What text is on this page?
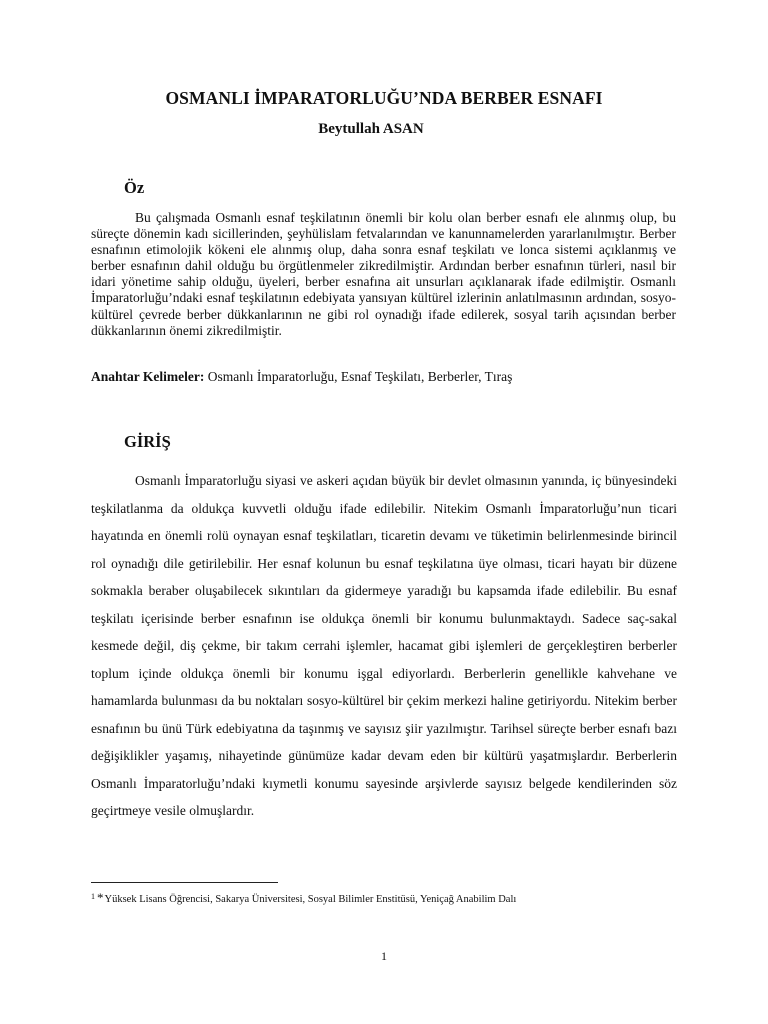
OSMANLI İMPARATORLUĞU’NDA BERBER ESNAFI
Beytullah ASAN
Öz

Bu çalışmada Osmanlı esnaf teşkilatının önemli bir kolu olan berber esnafı ele alınmış olup, bu süreçte dönemin kadı sicillerinden, şeyhülislam fetvalarından ve kanunnamelerden yararlanılmıştır. Berber esnafının etimolojik kökeni ele alınmış olup, daha sonra esnaf teşkilatı ve lonca sistemi açıklanmış ve berber esnafının dahil olduğu bu örgütlenmeler zikredilmiştir. Ardından berber esnafının türleri, nasıl bir idari yönetime sahip olduğu, üyeleri, berber esnafına ait unsurları açıklanarak ifade edilmiştir. Osmanlı İmparatorluğu’ndaki esnaf teşkilatının edebiyata yansıyan kültürel izlerinin anlatılmasının ardından, sosyo-kültürel çevrede berber dükkanlarının ne gibi rol oynadığı ifade edilerek, sosyal tarih açısından berber dükkanlarının önemi zikredilmiştir.

Anahtar Kelimeler: Osmanlı İmparatorluğu, Esnaf Teşkilatı, Berberler, Tıraş
GİRİŞ

Osmanlı İmparatorluğu siyasi ve askeri açıdan büyük bir devlet olmasının yanında, iç bünyesindeki teşkilatlanma da oldukça kuvvetli olduğu ifade edilebilir. Nitekim Osmanlı İmparatorluğu’nun ticari hayatında en önemli rolü oynayan esnaf teşkilatları, ticaretin devamı ve tüketimin belirlenmesinde birincil rol oynadığı dile getirilebilir. Her esnaf kolunun bu esnaf teşkilatına üye olması, ticari hayatı bir düzene sokmakla beraber oluşabilecek sıkıntıları da gidermeye yaradığı bu kapsamda ifade edilebilir. Bu esnaf teşkilatı içerisinde berber esnafının ise oldukça önemli bir konumu bulunmaktaydı. Sadece saç-sakal kesmede değil, diş çekme, bir takım cerrahi işlemler, hacamat gibi işlemleri de gerçekleştiren berberler toplum içinde oldukça önemli bir konumu işgal ediyorlardı. Berberlerin genellikle kahvehane ve hamamlarda bulunması da bu noktaları sosyo-kültürel bir çekim merkezi haline getiriyordu. Nitekim berber esnafının bu ünü Türk edebiyatına da taşınmış ve sayısız şiir yazılmıştır. Tarihsel süreçte berber esnafı bazı değişiklikler yaşamış, nihayetinde günümüze kadar devam eden bir kültürü yaşatmışlardır. Berberlerin Osmanlı İmparatorluğu’ndaki kıymetli konumu sayesinde arşivlerde sayısız belgede kendilerinden söz geçirtmeye vesile olmuşlardır.

$^1$ *Yüksek Lisans Öğrencisi, Sakarya Üniversitesi, Sosyal Bilimler Enstitüsü, Yeniçağ Anabilim Dalı
1
